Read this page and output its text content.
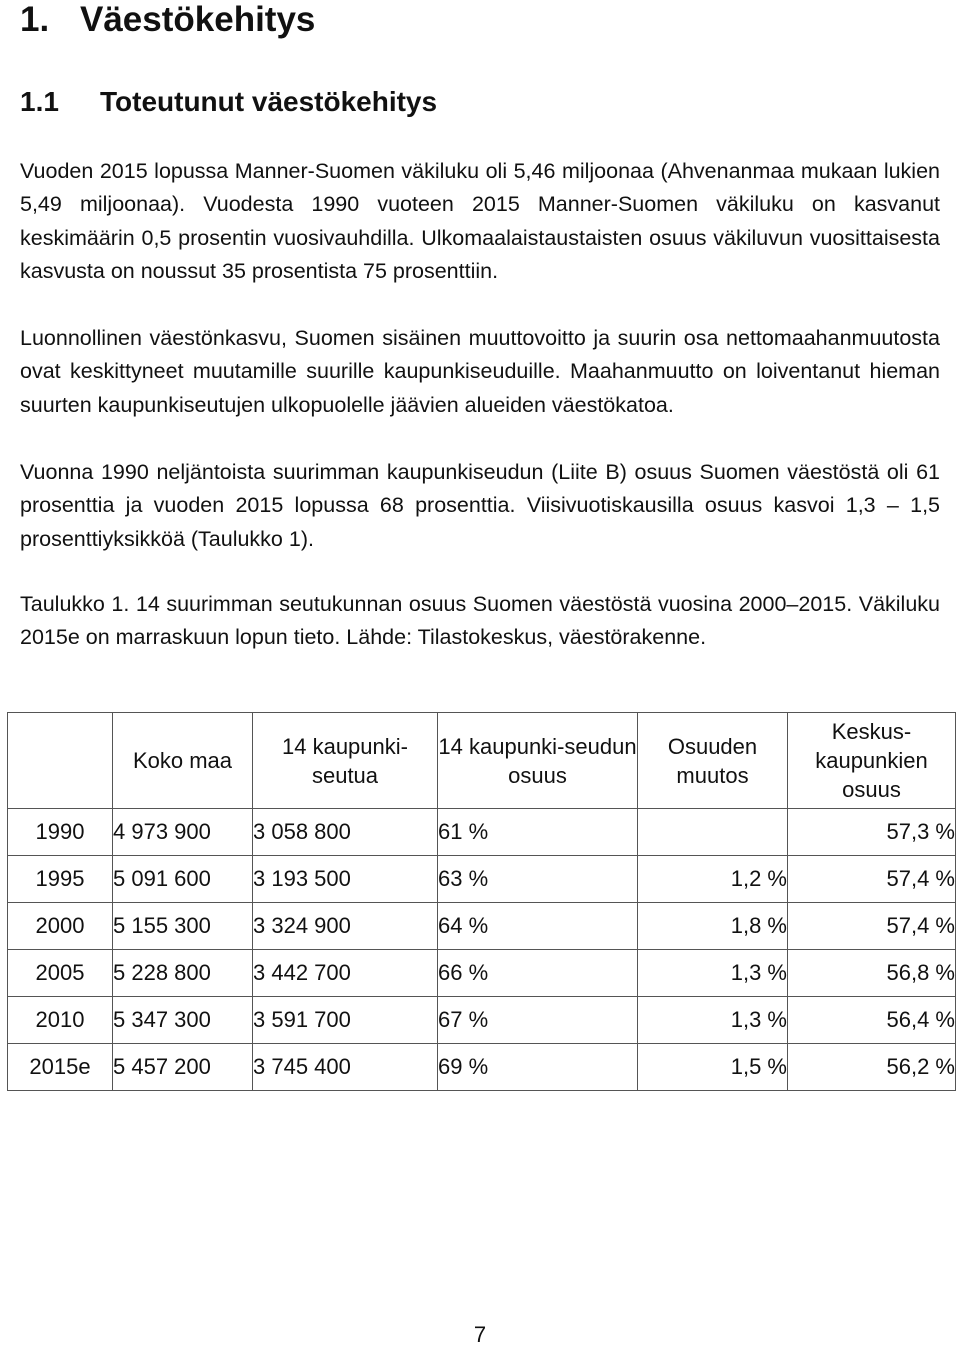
1. Väestökehitys
1.1 Toteutunut väestökehitys

Vuoden 2015 lopussa Manner-Suomen väkiluku oli 5,46 miljoonaa (Ahvenanmaa mukaan lukien 5,49 miljoonaa). Vuodesta 1990 vuoteen 2015 Manner-Suomen väkiluku on kasvanut keskimäärin 0,5 prosentin vuosivauhdilla. Ulkomaalaistaustaisten osuus väkiluvun vuosittaisesta kasvusta on noussut 35 prosentista 75 prosenttiin.

Luonnollinen väestönkasvu, Suomen sisäinen muuttovoitto ja suurin osa nettomaahanmuutosta ovat keskittyneet muutamille suurille kaupunkiseuduille. Maahanmuutto on loiventanut hieman suurten kaupunkiseutujen ulkopuolelle jäävien alueiden väestökatoa.

Vuonna 1990 neljäntoista suurimman kaupunkiseudun (Liite B) osuus Suomen väestöstä oli 61 prosenttia ja vuoden 2015 lopussa 68 prosenttia. Viisivuotiskausilla osuus kasvoi 1,3 – 1,5 prosenttiyksikköä (Taulukko 1).

Taulukko 1. 14 suurimman seutukunnan osuus Suomen väestöstä vuosina 2000–2015. Väkiluku 2015e on marraskuun lopun tieto. Lähde: Tilastokeskus, väestörakenne.

	Koko maa	14 kaupunki-seutua	14 kaupunki-seudun osuus	Osuuden muutos	Keskus-kaupunkien osuus
1990	4 973 900	3 058 800	61 %		57,3 %
1995	5 091 600	3 193 500	63 %	1,2 %	57,4 %
2000	5 155 300	3 324 900	64 %	1,8 %	57,4 %
2005	5 228 800	3 442 700	66 %	1,3 %	56,8 %
2010	5 347 300	3 591 700	67 %	1,3 %	56,4 %
2015e	5 457 200	3 745 400	69 %	1,5 %	56,2 %
7
